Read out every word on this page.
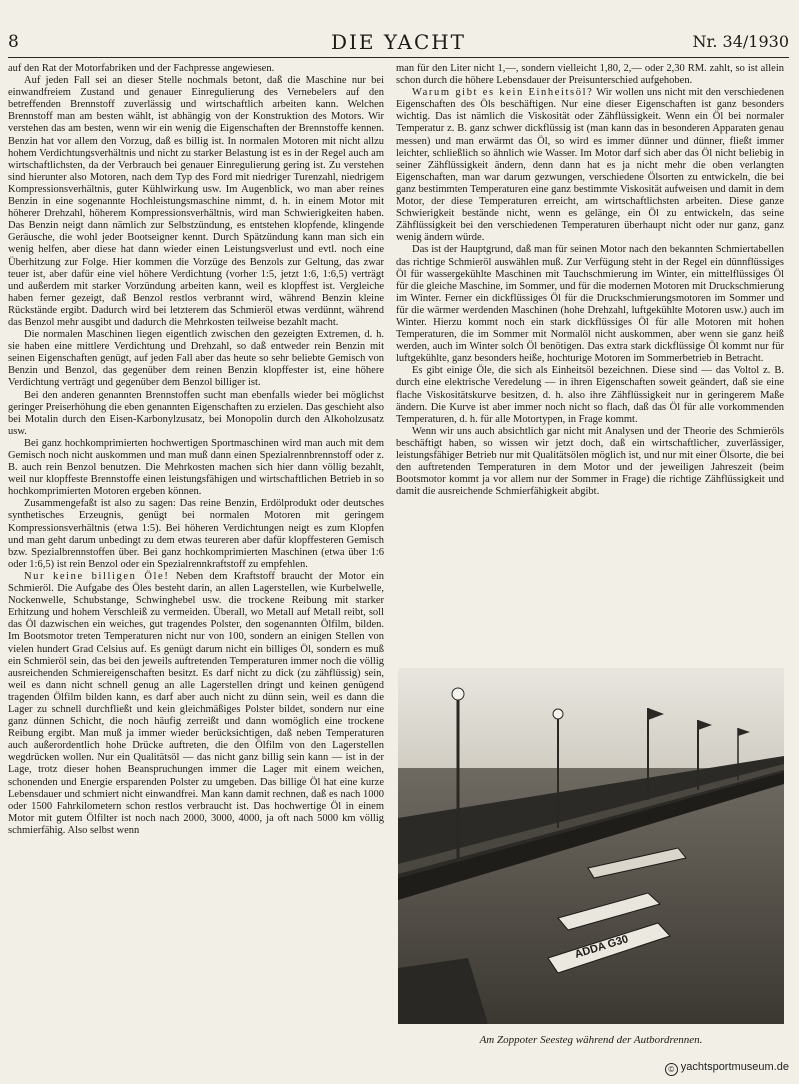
8	DIE YACHT	Nr. 34/1930

auf den Rat der Motorfabriken und der Fachpresse angewiesen.

Auf jeden Fall sei an dieser Stelle nochmals betont, daß die Maschine nur bei einwandfreiem Zustand und genauer Einregulierung des Vernebelers auf den betreffenden Brennstoff zuverlässig und wirtschaftlich arbeiten kann. Welchen Brennstoff man am besten wählt, ist abhängig von der Konstruktion des Motors. Wir verstehen das am besten, wenn wir ein wenig die Eigenschaften der Brennstoffe kennen. Benzin hat vor allem den Vorzug, daß es billig ist. In normalen Motoren mit nicht allzu hohem Verdichtungsverhältnis und nicht zu starker Belastung ist es in der Regel auch am wirtschaftlichsten, da der Verbrauch bei genauer Einregulierung gering ist. Zu verstehen sind hierunter also Motoren, nach dem Typ des Ford mit niedriger Turenzahl, niedrigem Kompressionsverhältnis, guter Kühlwirkung usw. Im Augenblick, wo man aber reines Benzin in eine sogenannte Hochleistungsmaschine nimmt, d. h. in einem Motor mit höherer Drehzahl, höherem Kompressionsverhältnis, wird man Schwierigkeiten haben. Das Benzin neigt dann nämlich zur Selbstzündung, es entstehen klopfende, klingende Geräusche, die wohl jeder Bootseigner kennt. Durch Spätzündung kann man sich ein wenig helfen, aber diese hat dann wieder einen Leistungsverlust und evtl. noch eine Überhitzung zur Folge. Hier kommen die Vorzüge des Benzols zur Geltung, das zwar teuer ist, aber dafür eine viel höhere Verdichtung (vorher 1:5, jetzt 1:6, 1:6,5) verträgt und außerdem mit starker Vorzündung arbeiten kann, weil es klopffest ist. Vergleiche haben ferner gezeigt, daß Benzol restlos verbrannt wird, während Benzin kleine Rückstände ergibt. Dadurch wird bei letzterem das Schmieröl etwas verdünnt, während das Benzol mehr ausgibt und dadurch die Mehrkosten teilweise bezahlt macht.

Die normalen Maschinen liegen eigentlich zwischen den gezeigten Extremen, d. h. sie haben eine mittlere Verdichtung und Drehzahl, so daß entweder rein Benzin mit seinen Eigenschaften genügt, auf jeden Fall aber das heute so sehr beliebte Gemisch von Benzin und Benzol, das gegenüber dem reinen Benzin klopffester ist, eine höhere Verdichtung verträgt und gegenüber dem Benzol billiger ist.

Bei den anderen genannten Brennstoffen sucht man ebenfalls wieder bei möglichst geringer Preiserhöhung die eben genannten Eigenschaften zu erzielen. Das geschieht also bei Motalin durch den Eisen-Karbonylzusatz, bei Monopolin durch den Alkoholzusatz usw.

Bei ganz hochkomprimierten hochwertigen Sportmaschinen wird man auch mit dem Gemisch noch nicht auskommen und man muß dann einen Spezialrennbrennstoff oder z. B. auch rein Benzol benutzen. Die Mehrkosten machen sich hier dann völlig bezahlt, weil nur klopffeste Brennstoffe einen leistungsfähigen und wirtschaftlichen Betrieb in so hochkomprimierten Motoren ergeben können.

Zusammengefaßt ist also zu sagen: Das reine Benzin, Erdölprodukt oder deutsches synthetisches Erzeugnis, genügt bei normalen Motoren mit geringem Kompressionsverhältnis (etwa 1:5). Bei höheren Verdichtungen neigt es zum Klopfen und man geht darum unbedingt zu dem etwas teureren aber dafür klopffesteren Gemisch bzw. Spezialbrennstoffen über. Bei ganz hochkomprimierten Maschinen (etwa über 1:6 oder 1:6,5) ist rein Benzol oder ein Spezialrennkraftstoff zu empfehlen.

Nur keine billigen Öle! Neben dem Kraftstoff braucht der Motor ein Schmieröl. Die Aufgabe des Öles besteht darin, an allen Lagerstellen, wie Kurbelwelle, Nockenwelle, Schubstange, Schwinghebel usw. die trockene Reibung mit starker Erhitzung und hohem Verschleiß zu vermeiden. Überall, wo Metall auf Metall reibt, soll das Öl dazwischen ein weiches, gut tragendes Polster, den sogenannten Ölfilm, bilden. Im Bootsmotor treten Temperaturen nicht nur von 100, sondern an einigen Stellen von vielen hundert Grad Celsius auf. Es genügt darum nicht ein billiges Öl, sondern es muß ein Schmieröl sein, das bei den jeweils auftretenden Temperaturen immer noch die völlig ausreichenden Schmiereigenschaften besitzt. Es darf nicht zu dick (zu zähflüssig) sein, weil es dann nicht schnell genug an alle Lagerstellen dringt und keinen genügend tragenden Ölfilm bilden kann, es darf aber auch nicht zu dünn sein, weil es dann die Lager zu schnell durchfließt und kein gleichmäßiges Polster bildet, sondern nur eine ganz dünnen Schicht, die noch häufig zerreißt und dann womöglich eine trockene Reibung ergibt. Man muß ja immer wieder berücksichtigen, daß neben Temperaturen auch außerordentlich hohe Drücke auftreten, die den Ölfilm von den Lagerstellen wegdrücken wollen. Nur ein Qualitätsöl — das nicht ganz billig sein kann — ist in der Lage, trotz dieser hohen Beanspruchungen immer die Lager mit einem weichen, schonenden und Energie ersparenden Polster zu umgeben. Das billige Öl hat eine kurze Lebensdauer und schmiert nicht einwandfrei. Man kann damit rechnen, daß es nach 1000 oder 1500 Fahrkilometern schon restlos verbraucht ist. Das hochwertige Öl in einem Motor mit gutem Ölfilter ist noch nach 2000, 3000, 4000, ja oft nach 5000 km völlig schmierfähig. Also selbst wenn

man für den Liter nicht 1,—, sondern vielleicht 1,80, 2,— oder 2,30 RM. zahlt, so ist allein schon durch die höhere Lebensdauer der Preisunterschied aufgehoben.

Warum gibt es kein Einheitsöl? Wir wollen uns nicht mit den verschiedenen Eigenschaften des Öls beschäftigen. Nur eine dieser Eigenschaften ist ganz besonders wichtig. Das ist nämlich die Viskosität oder Zähflüssigkeit. Wenn ein Öl bei normaler Temperatur z. B. ganz schwer dickflüssig ist (man kann das in besonderen Apparaten genau messen) und man erwärmt das Öl, so wird es immer dünner und dünner, fließt immer leichter, schließlich so ähnlich wie Wasser. Im Motor darf sich aber das Öl nicht beliebig in seiner Zähflüssigkeit ändern, denn dann hat es ja nicht mehr die oben verlangten Eigenschaften, man war darum gezwungen, verschiedene Ölsorten zu entwickeln, die bei ganz bestimmten Temperaturen eine ganz bestimmte Viskosität aufweisen und damit in dem Motor, der diese Temperaturen erreicht, am wirtschaftlichsten arbeiten. Diese ganze Schwierigkeit bestände nicht, wenn es gelänge, ein Öl zu entwickeln, das seine Zähflüssigkeit bei den verschiedenen Temperaturen überhaupt nicht oder nur ganz, ganz wenig ändern würde.

Das ist der Hauptgrund, daß man für seinen Motor nach den bekannten Schmiertabellen das richtige Schmieröl auswählen muß. Zur Verfügung steht in der Regel ein dünnflüssiges Öl für wassergekühlte Maschinen mit Tauchschmierung im Winter, ein mittelflüssiges Öl für die gleiche Maschine, im Sommer, und für die modernen Motoren mit Druckschmierung im Winter. Ferner ein dickflüssiges Öl für die Druckschmierungsmotoren im Sommer und für die wärmer werdenden Maschinen (hohe Drehzahl, luftgekühlte Motoren usw.) auch im Winter. Hierzu kommt noch ein stark dickflüssiges Öl für alle Motoren mit hohen Temperaturen, die im Sommer mit Normalöl nicht auskommen, aber wenn sie ganz heiß werden, auch im Winter solch Öl benötigen. Das extra stark dickflüssige Öl kommt nur für luftgekühlte, ganz besonders heiße, hochturige Motoren im Sommerbetrieb in Betracht.

Es gibt einige Öle, die sich als Einheitsöl bezeichnen. Diese sind — das Voltol z. B. durch eine elektrische Veredelung — in ihren Eigenschaften soweit geändert, daß sie eine flache Viskositätskurve besitzen, d. h. also ihre Zähflüssigkeit nur in geringerem Maße ändern. Die Kurve ist aber immer noch nicht so flach, daß das Öl für alle vorkommenden Temperaturen, d. h. für alle Motortypen, in Frage kommt.

Wenn wir uns auch absichtlich gar nicht mit Analysen und der Theorie des Schmieröls beschäftigt haben, so wissen wir jetzt doch, daß ein wirtschaftlicher, zuverlässiger, leistungsfähiger Betrieb nur mit Qualitätsölen möglich ist, und nur mit einer Ölsorte, die bei den auftretenden Temperaturen in dem Motor und der jeweiligen Jahreszeit (beim Bootsmotor kommt ja vor allem nur der Sommer in Frage) die richtige Zähflüssigkeit und damit die ausreichende Schmierfähigkeit abgibt.

ADDA G30
Am Zoppoter Seesteg während der Autbordrennen.
© yachtsportmuseum.de
